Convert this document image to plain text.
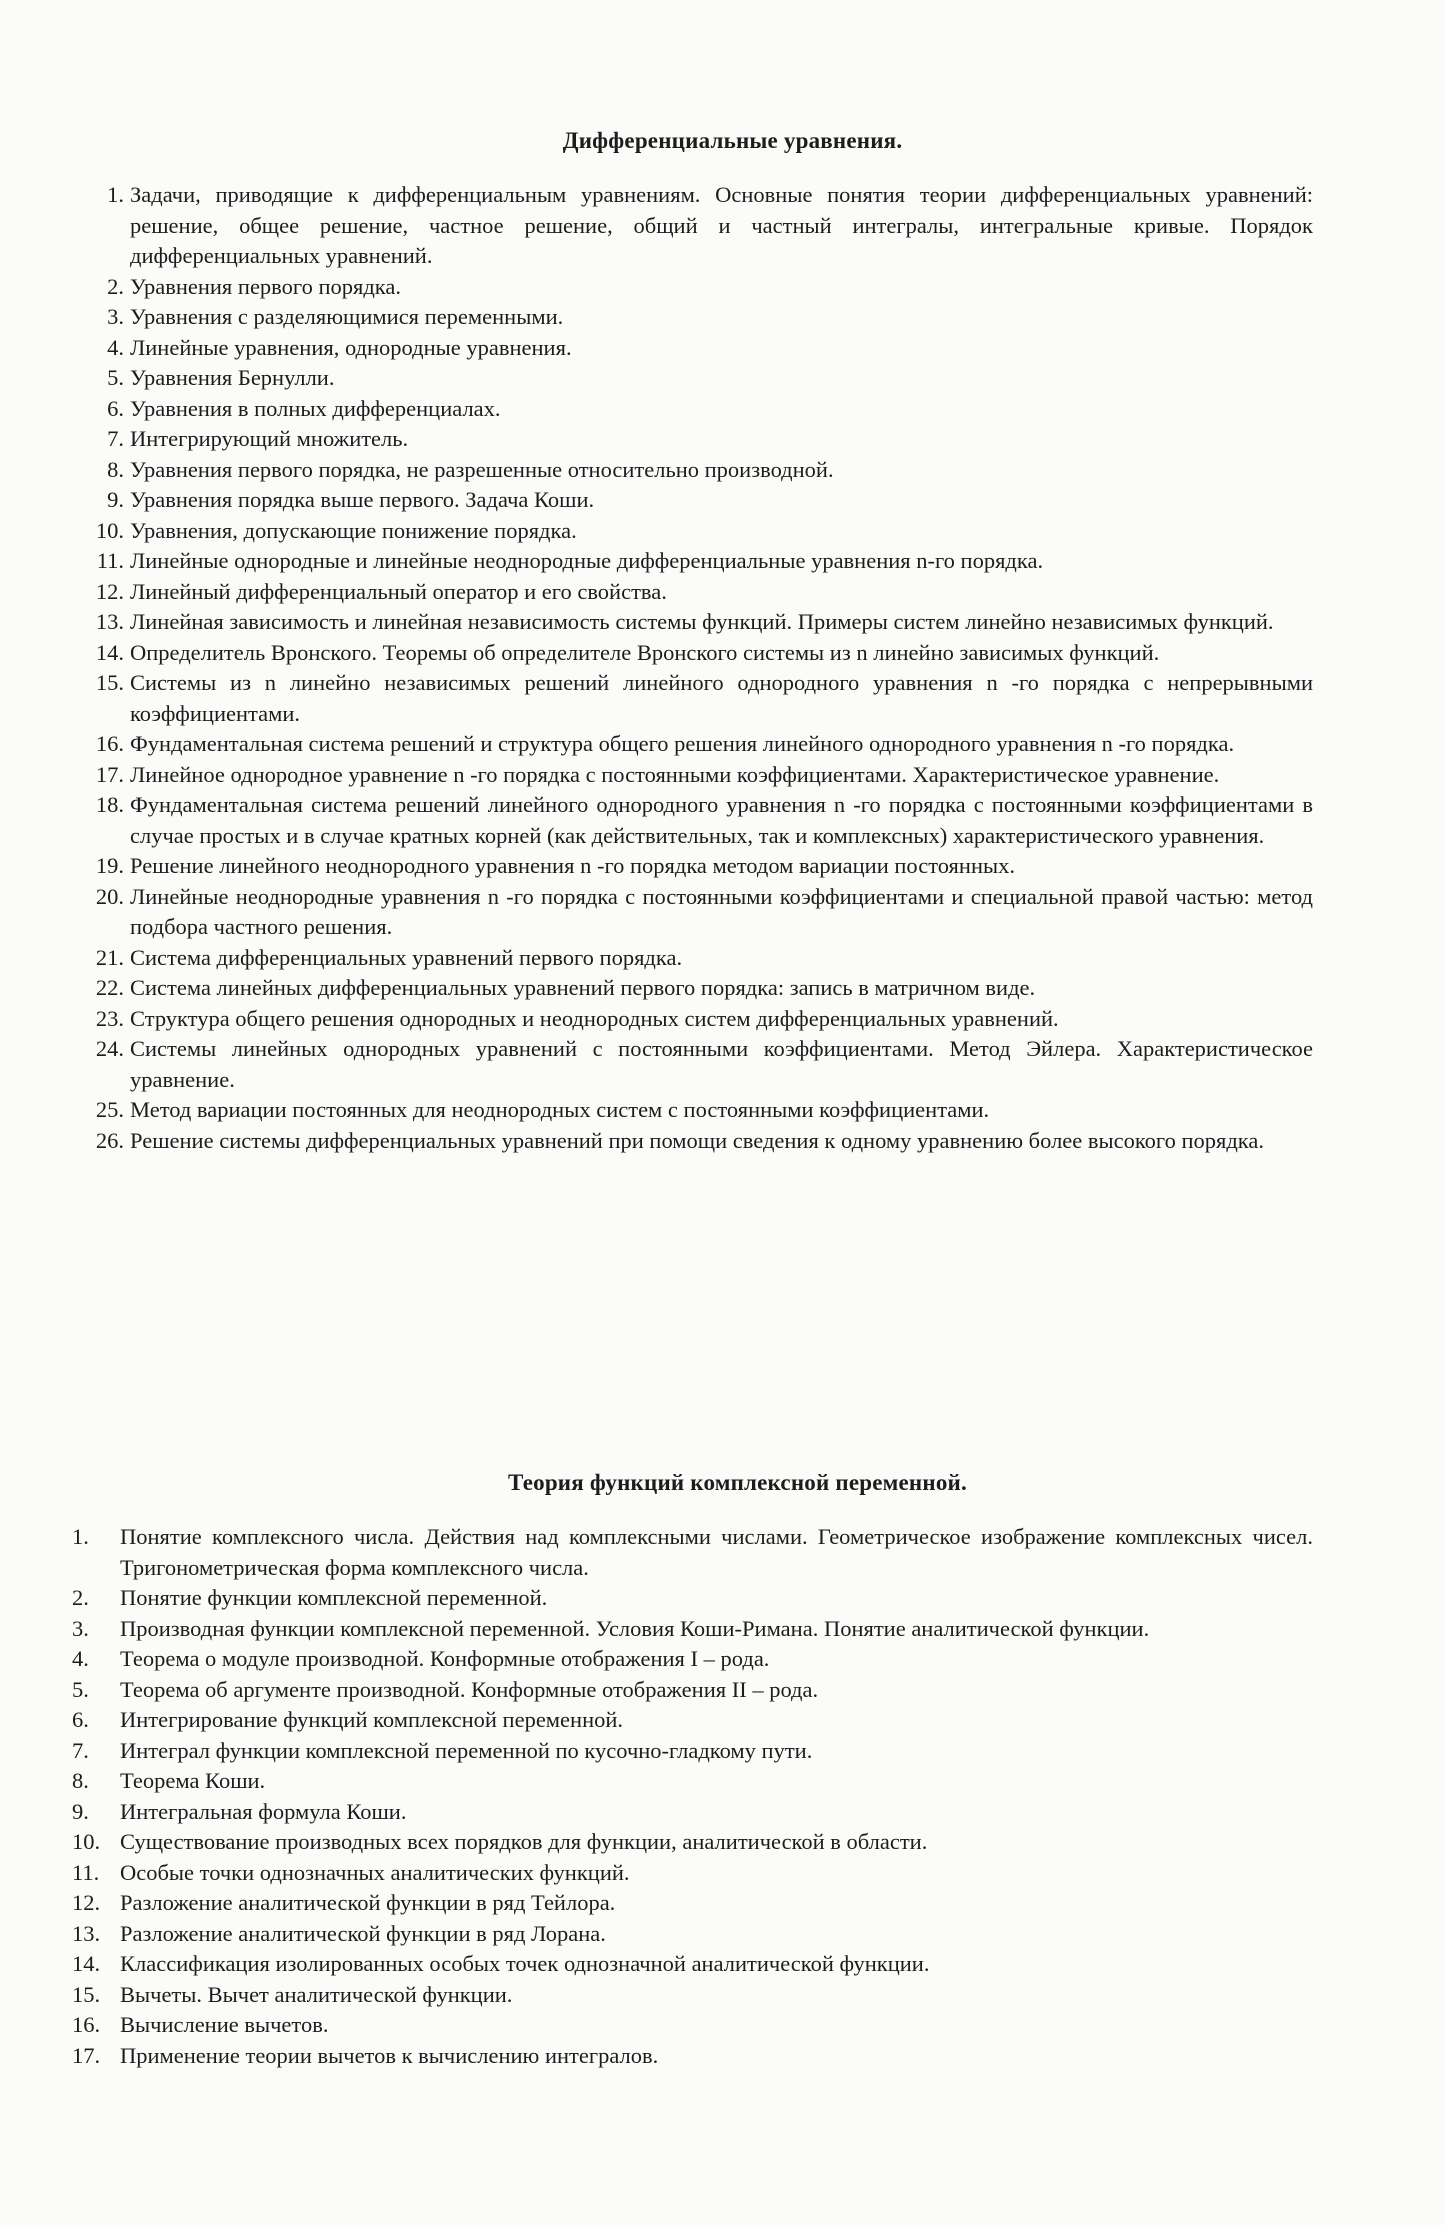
Дифференциальные уравнения.
1. Задачи, приводящие к дифференциальным уравнениям. Основные понятия теории дифференциальных уравнений: решение, общее решение, частное решение, общий и частный интегралы, интегральные кривые. Порядок дифференциальных уравнений.
2. Уравнения первого порядка.
3. Уравнения с разделяющимися переменными.
4. Линейные уравнения, однородные уравнения.
5. Уравнения Бернулли.
6. Уравнения в полных дифференциалах.
7. Интегрирующий множитель.
8. Уравнения первого порядка, не разрешенные относительно производной.
9. Уравнения порядка выше первого. Задача Коши.
10. Уравнения, допускающие понижение порядка.
11. Линейные однородные и линейные неоднородные дифференциальные уравнения n-го порядка.
12. Линейный дифференциальный оператор и его свойства.
13. Линейная зависимость и линейная независимость системы функций. Примеры систем линейно независимых функций.
14. Определитель Вронского. Теоремы об определителе Вронского системы из n линейно зависимых функций.
15. Системы из n линейно независимых решений линейного однородного уравнения n -го порядка с непрерывными коэффициентами.
16. Фундаментальная система решений и структура общего решения линейного однородного уравнения n -го порядка.
17. Линейное однородное уравнение n -го порядка с постоянными коэффициентами. Характеристическое уравнение.
18. Фундаментальная система решений линейного однородного уравнения n -го порядка с постоянными коэффициентами в случае простых и в случае кратных корней (как действительных, так и комплексных) характеристического уравнения.
19. Решение линейного неоднородного уравнения n -го порядка методом вариации постоянных.
20. Линейные неоднородные уравнения n -го порядка с постоянными коэффициентами и специальной правой частью: метод подбора частного решения.
21. Система дифференциальных уравнений первого порядка.
22. Система линейных дифференциальных уравнений первого порядка: запись в матричном виде.
23. Структура общего решения однородных и неоднородных систем дифференциальных уравнений.
24. Системы линейных однородных уравнений с постоянными коэффициентами. Метод Эйлера. Характеристическое уравнение.
25. Метод вариации постоянных для неоднородных систем с постоянными коэффициентами.
26. Решение системы дифференциальных уравнений при помощи сведения к одному уравнению более высокого порядка.
Теория функций комплексной переменной.
1.	Понятие комплексного числа. Действия над комплексными числами. Геометрическое изображение комплексных чисел. Тригонометрическая форма комплексного числа.
2.	Понятие функции комплексной переменной.
3.	Производная функции комплексной переменной. Условия Коши-Римана. Понятие аналитической функции.
4.	Теорема о модуле производной. Конформные отображения I – рода.
5.	Теорема об аргументе производной. Конформные отображения II – рода.
6.	Интегрирование функций комплексной переменной.
7.	Интеграл функции комплексной переменной по кусочно-гладкому пути.
8.	Теорема Коши.
9.	Интегральная формула Коши.
10. Существование производных всех порядков для функции, аналитической в области.
11. Особые точки однозначных аналитических функций.
12. Разложение аналитической функции в ряд Тейлора.
13. Разложение аналитической функции в ряд Лорана.
14. Классификация изолированных особых точек однозначной аналитической функции.
15. Вычеты. Вычет аналитической функции.
16. Вычисление вычетов.
17. Применение теории вычетов к вычислению интегралов.
